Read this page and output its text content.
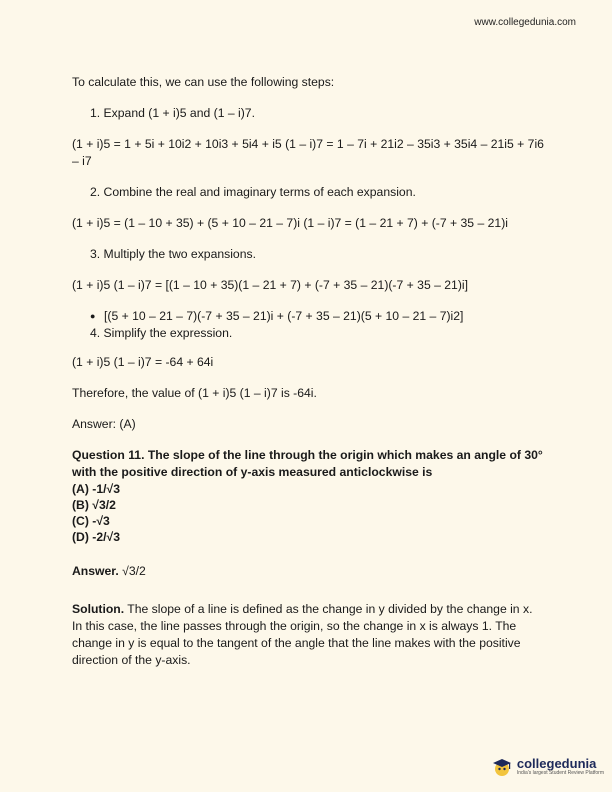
www.collegedunia.com

To calculate this, we can use the following steps:

1. Expand (1 + i)5 and (1 – i)7.

(1 + i)5 = 1 + 5i + 10i2 + 10i3 + 5i4 + i5 (1 – i)7 = 1 – 7i + 21i2 – 35i3 + 35i4 – 21i5 + 7i6 – i7

2. Combine the real and imaginary terms of each expansion.

(1 + i)5 = (1 – 10 + 35) + (5 + 10 – 21 – 7)i (1 – i)7 = (1 – 21 + 7) + (-7 + 35 – 21)i

3. Multiply the two expansions.

(1 + i)5 (1 – i)7 = [(1 – 10 + 35)(1 – 21 + 7) + (-7 + 35 – 21)(-7 + 35 – 21)i]

● [(5 + 10 – 21 – 7)(-7 + 35 – 21)i + (-7 + 35 – 21)(5 + 10 – 21 – 7)i2]
4. Simplify the expression.

(1 + i)5 (1 – i)7 = -64 + 64i

Therefore, the value of (1 + i)5 (1 – i)7 is -64i.

Answer: (A)

Question 11. The slope of the line through the origin which makes an angle of 30° with the positive direction of y-axis measured anticlockwise is

(A) -1/√3
(B) √3/2
(C) -√3
(D) -2/√3

Answer. √3/2

Solution. The slope of a line is defined as the change in y divided by the change in x. In this case, the line passes through the origin, so the change in x is always 1. The change in y is equal to the tangent of the angle that the line makes with the positive direction of the y-axis.

collegedunia
India's largest Student Review Platform
